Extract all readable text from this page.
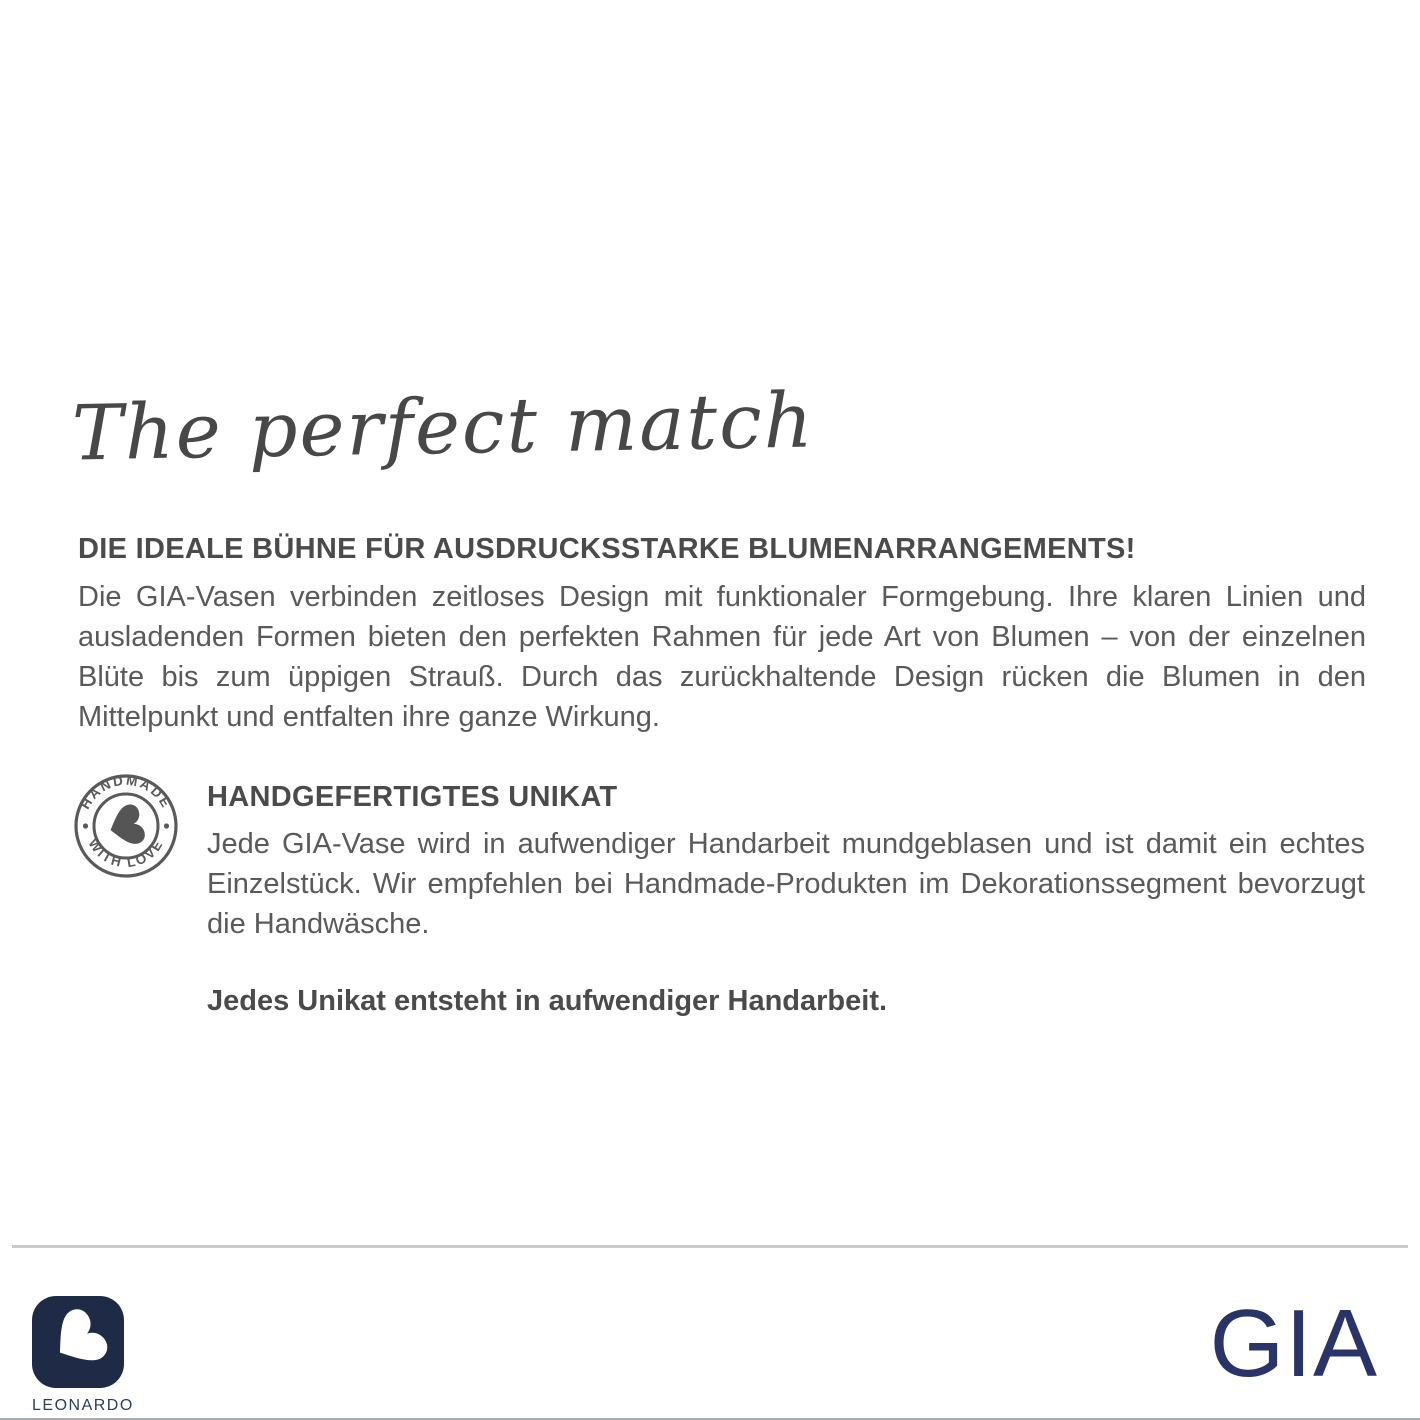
The perfect match
DIE IDEALE BÜHNE FÜR AUSDRUCKSSTARKE BLUMENARRANGEMENTS!

Die GIA-Vasen verbinden zeitloses Design mit funktionaler Formgebung. Ihre klaren Linien und ausladenden Formen bieten den perfekten Rahmen für jede Art von Blumen – von der einzelnen Blüte bis zum üppigen Strauß. Durch das zurückhaltende Design rücken die Blumen in den Mittelpunkt und entfalten ihre ganze Wirkung.

HANDMADE
WITH LOVE
HANDGEFERTIGTES UNIKAT

Jede GIA-Vase wird in aufwendiger Handarbeit mundgeblasen und ist damit ein echtes Einzelstück. Wir empfehlen bei Handmade-Produkten im Dekorationssegment bevorzugt die Handwäsche.

Jedes Unikat entsteht in aufwendiger Handarbeit.

LEONARDO
GIA
